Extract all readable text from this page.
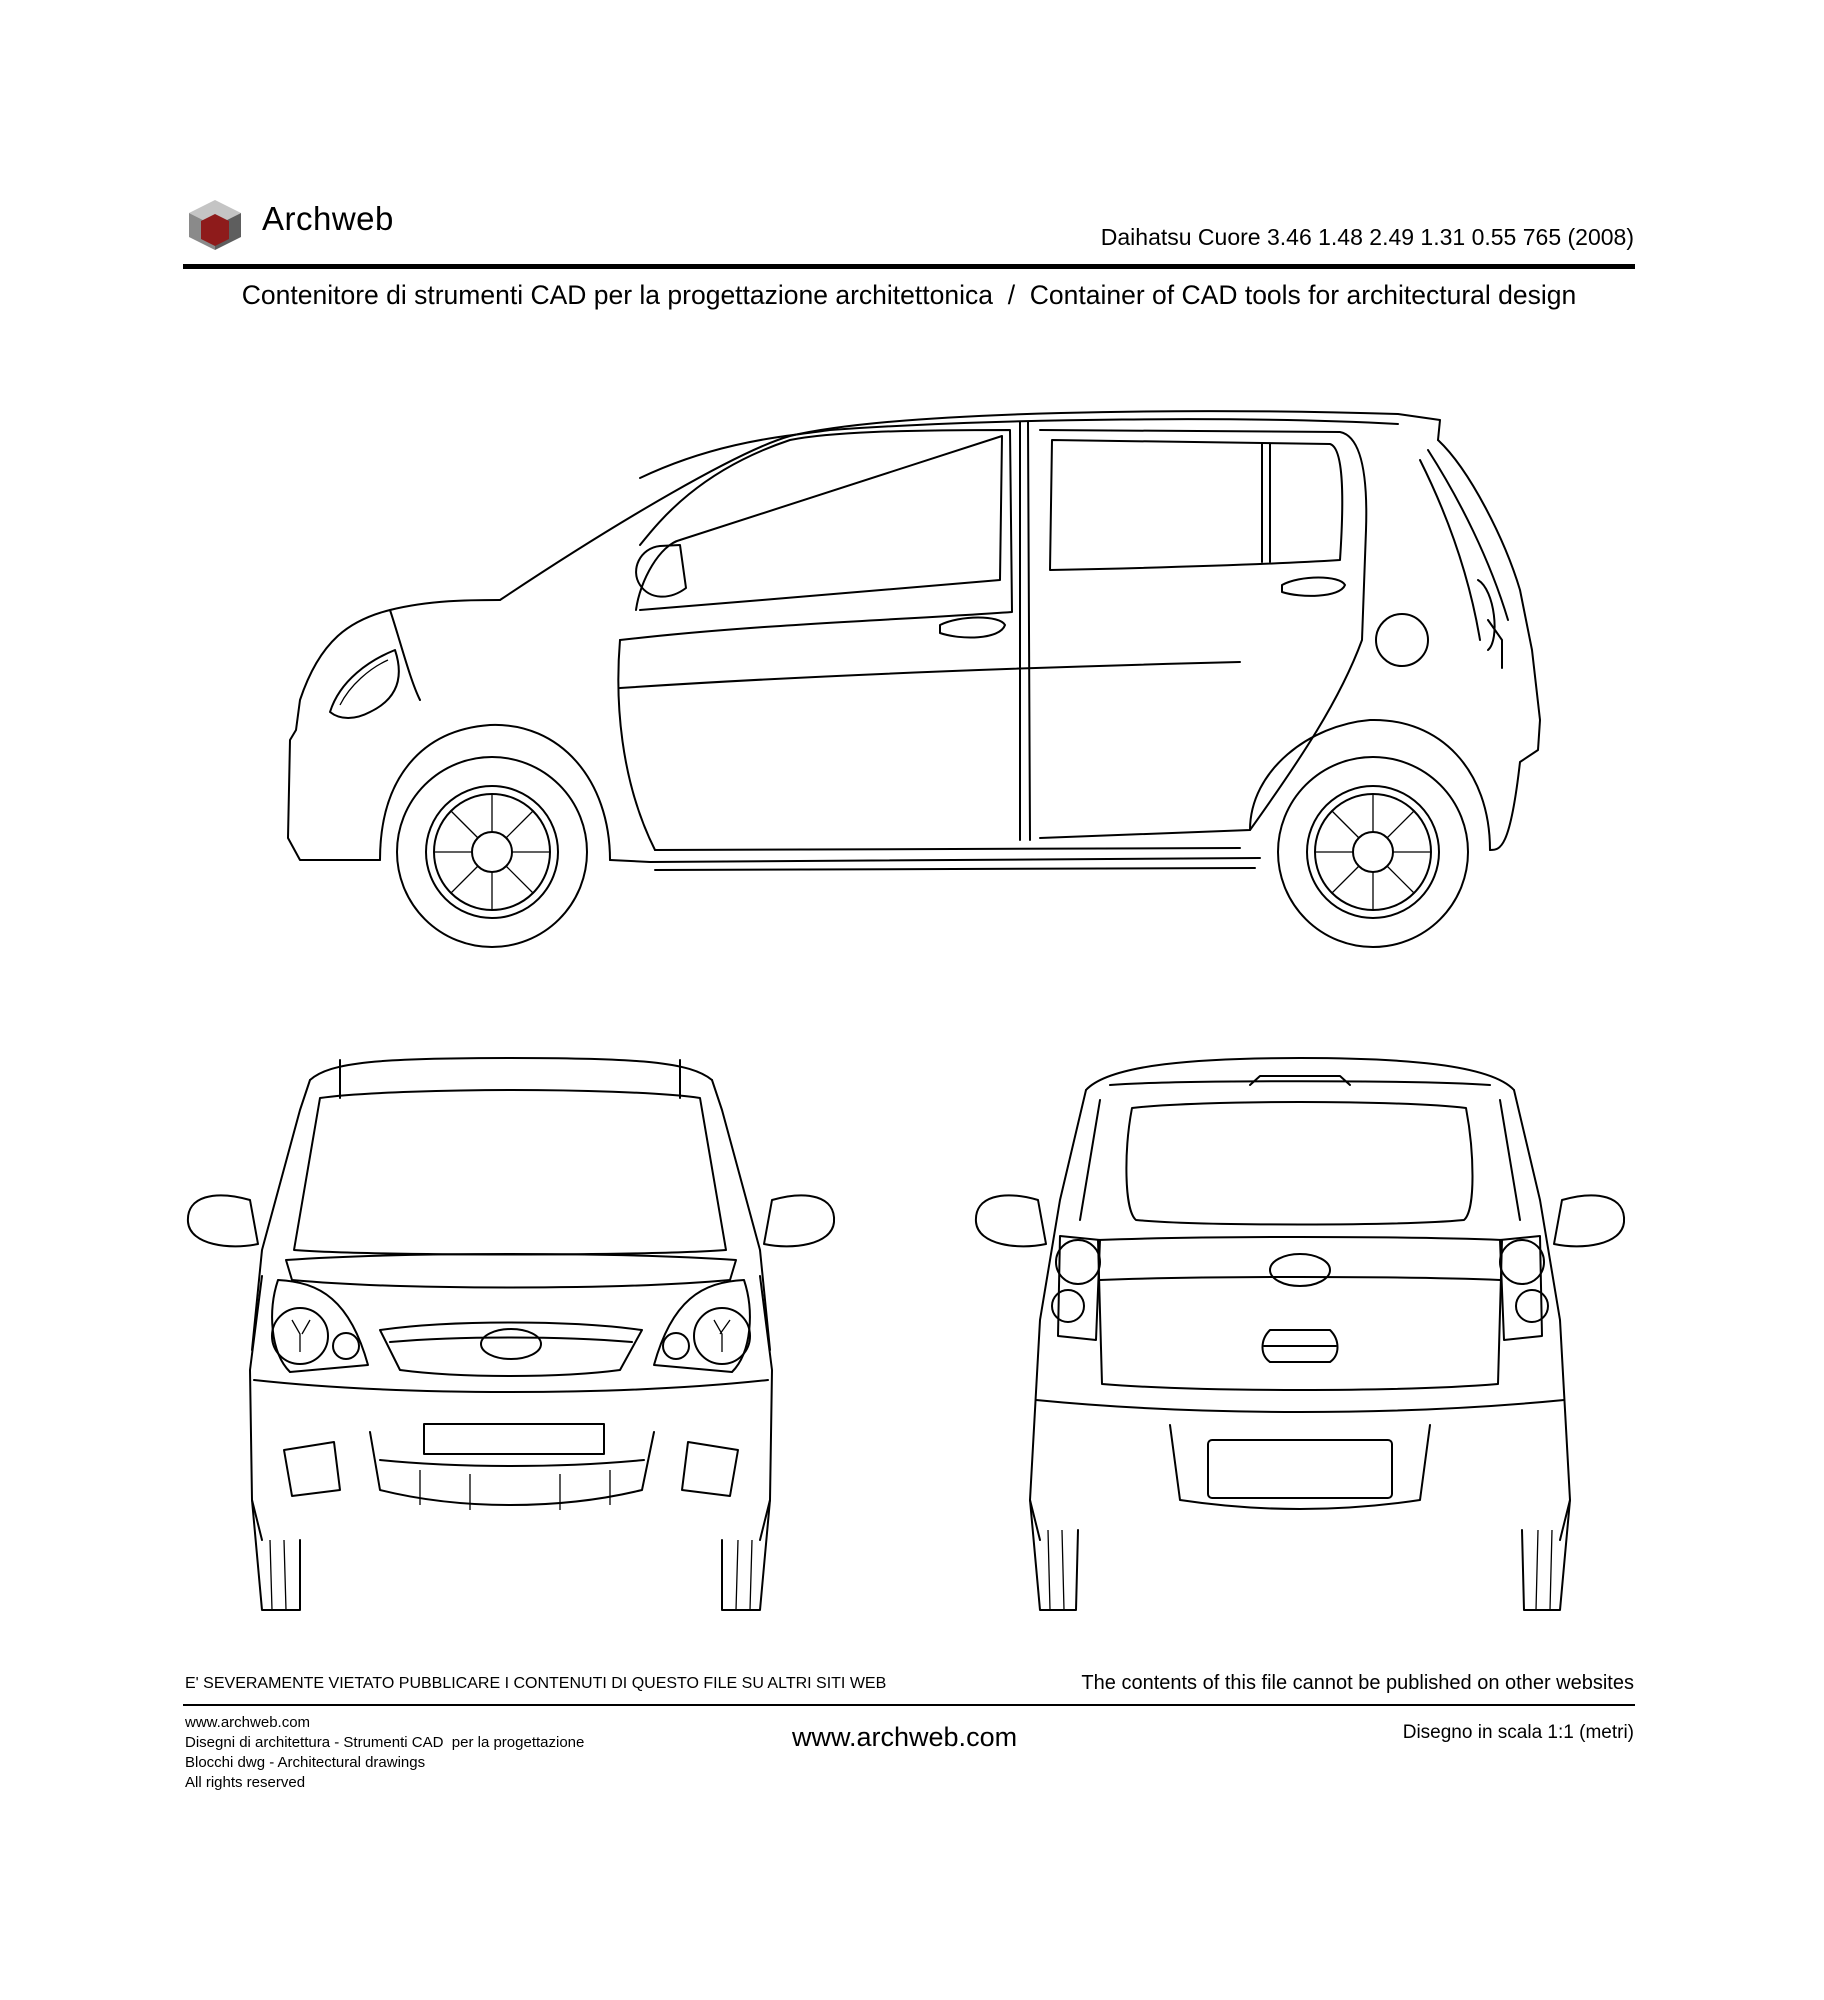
Archweb	Daihatsu Cuore 3.46 1.48 2.49 1.31 0.55 765 (2008)
Contenitore di strumenti CAD per la progettazione architettonica  /  Container of CAD tools for architectural design
E' SEVERAMENTE VIETATO PUBBLICARE I CONTENUTI DI QUESTO FILE SU ALTRI SITI WEB	The contents of this file cannot be published on other websites
www.archweb.com
Disegni di architettura - Strumenti CAD  per la progettazione
Blocchi dwg - Architectural drawings
All rights reserved
www.archweb.com	Disegno in scala 1:1 (metri)
